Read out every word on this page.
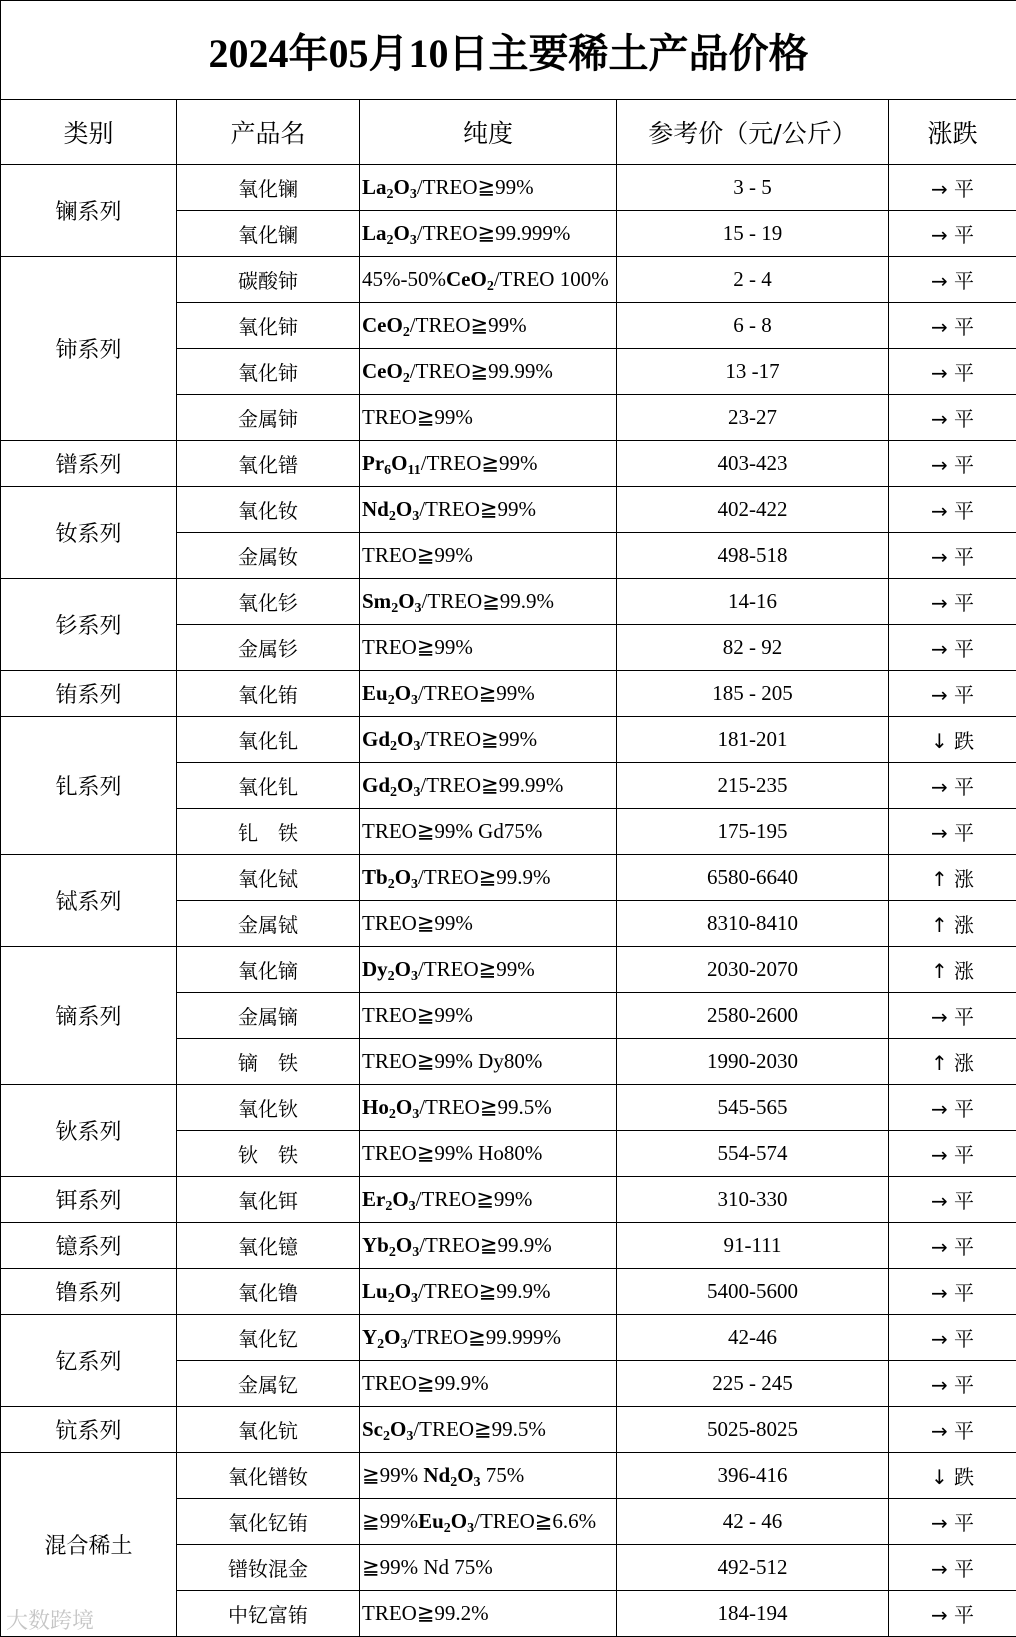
2024年05月10日主要稀土产品价格				
类别	产品名	纯度	参考价（元/公斤）	涨跌
镧系列	氧化镧	$La_2O_3/TREO≧99\%$	3 - 5	→ 平
	氧化镧	$La_2O_3/TREO≧99.999\%$	15 - 19	→ 平
铈系列	碳酸铈	45%-50%CeO$_2$/TREO 100%	2 - 4	→ 平
	氧化铈	CeO$_2$/TREO≧99%	6 - 8	→ 平
	氧化铈	CeO$_2$/TREO≧99.99%	13 -17	→ 平
	金属铈	TREO≧99%	23-27	→ 平
镨系列	氧化镨	$Pr_6O_{11}/TREO≧99\%$	403-423	→ 平
钕系列	氧化钕	$Nd_2O_3/TREO≧99\%$	402-422	→ 平
	金属钕	TREO≧99%	498-518	→ 平
钐系列	氧化钐	$Sm_2O_3/TREO≧99.9\%$	14-16	→ 平
	金属钐	TREO≧99%	82 - 92	→ 平
铕系列	氧化铕	$Eu_2O_3/TREO≧99\%$	185 - 205	→ 平
钆系列	氧化钆	$Gd_2O_3/TREO≧99\%$	181-201	↓ 跌
	氧化钆	$Gd_2O_3/TREO≧99.99\%$	215-235	→ 平
	钆　铁	TREO≧99% Gd75%	175-195	→ 平
铽系列	氧化铽	$Tb_2O_3/TREO≧99.9\%$	6580-6640	↑ 涨
	金属铽	TREO≧99%	8310-8410	↑ 涨
镝系列	氧化镝	$Dy_2O_3/TREO≧99\%$	2030-2070	↑ 涨
	金属镝	TREO≧99%	2580-2600	→ 平
	镝　铁	TREO≧99% Dy80%	1990-2030	↑ 涨
钬系列	氧化钬	$Ho_2O_3/TREO≧99.5\%$	545-565	→ 平
	钬　铁	TREO≧99% Ho80%	554-574	→ 平
铒系列	氧化铒	$Er_2O_3/TREO≧99\%$	310-330	→ 平
镱系列	氧化镱	$Yb_2O_3/TREO≧99.9\%$	91-111	→ 平
镥系列	氧化镥	$Lu_2O_3/TREO≧99.9\%$	5400-5600	→ 平
钇系列	氧化钇	$Y_2O_3/TREO≧99.999\%$	42-46	→ 平
	金属钇	TREO≧99.9%	225 - 245	→ 平
钪系列	氧化钪	$Sc_2O_3/TREO≧99.5\%$	5025-8025	→ 平
混合稀土	氧化镨钕	≧99% $Nd_2O_3$ 75%	396-416	↓ 跌
	氧化钇铕	$≧99\%Eu_2O_3/TREO≧6.6\%$	42 - 46	→ 平
	镨钕混金	≧99% Nd 75%	492-512	→ 平
	中钇富铕	TREO≧99.2%	184-194	→ 平
大数跨境
